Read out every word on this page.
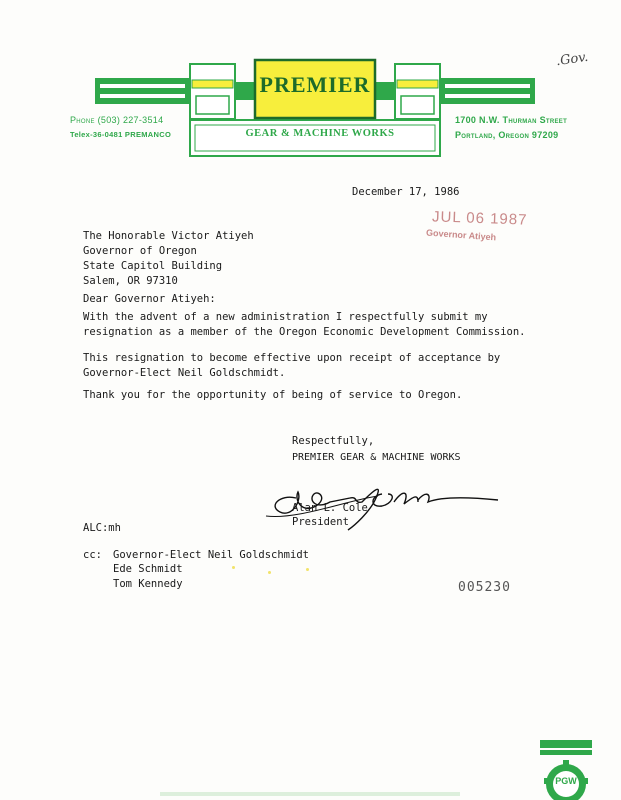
.Gov.
PREMIER
GEAR & MACHINE WORKS
Phone (503) 227-3514
Telex-36-0481 PREMANCO
1700 N.W. Thurman Street
Portland, Oregon 97209
December 17, 1986
JUL 06 1987
Governor Atiyeh
The Honorable Victor Atiyeh
Governor of Oregon
State Capitol Building
Salem, OR 97310
Dear Governor Atiyeh:
With the advent of a new administration I respectfully submit my
resignation as a member of the Oregon Economic Development Commission.
This resignation to become effective upon receipt of acceptance by
Governor-Elect Neil Goldschmidt.
Thank you for the opportunity of being of service to Oregon.
Respectfully,
PREMIER GEAR & MACHINE WORKS
Alan L. Cole
President
ALC:mh
cc: Governor-Elect Neil Goldschmidt
Ede Schmidt
Tom Kennedy	005230
PGW
